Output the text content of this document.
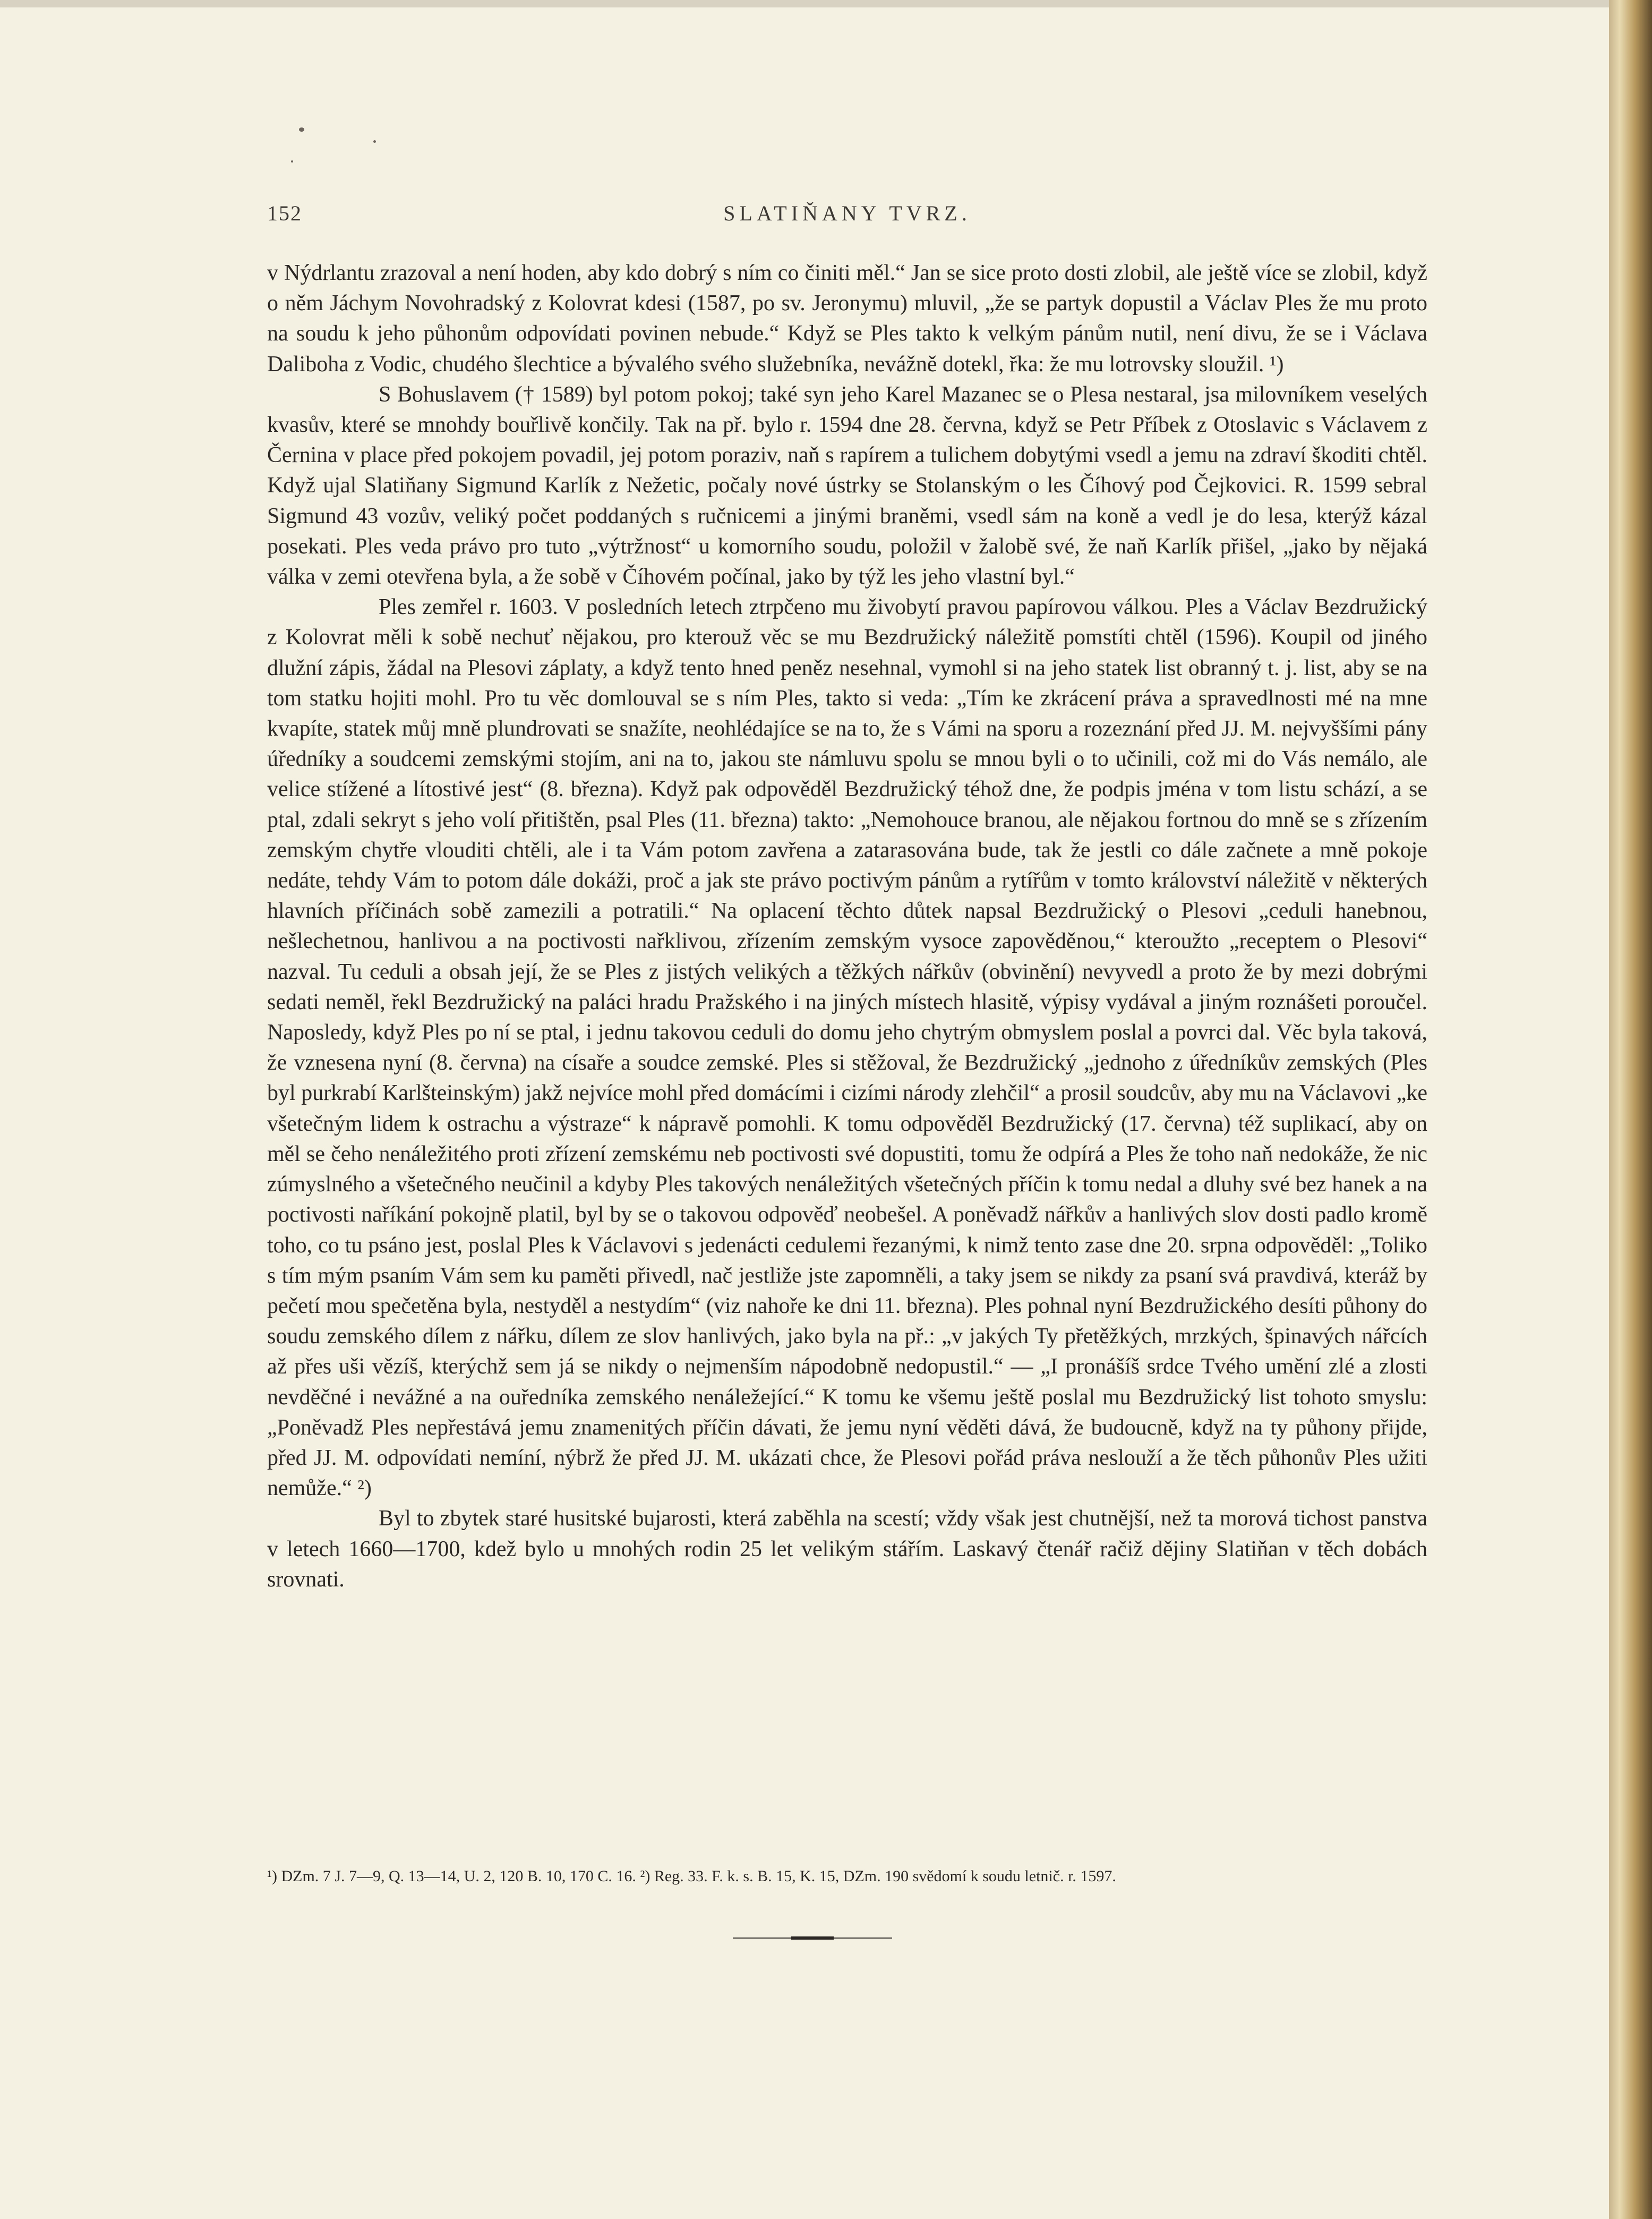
152	SLATIŇANY TVRZ.

v Nýdrlantu zrazoval a není hoden, aby kdo dobrý s ním co činiti měl.“ Jan se sice proto dosti zlobil, ale ještě více se zlobil, když o něm Jáchym Novohradský z Kolovrat kdesi (1587, po sv. Jeronymu) mluvil, „že se partyk dopustil a Václav Ples že mu proto na soudu k jeho půhonům odpovídati povinen nebude.“ Když se Ples takto k velkým pánům nutil, není divu, že se i Václava Daliboha z Vodic, chudého šlechtice a bývalého svého služebníka, nevážně dotekl, řka: že mu lotrovsky sloužil. ¹)

S Bohuslavem († 1589) byl potom pokoj; také syn jeho Karel Mazanec se o Plesa nestaral, jsa milovníkem veselých kvasův, které se mnohdy bouřlivě končily. Tak na př. bylo r. 1594 dne 28. června, když se Petr Příbek z Otoslavic s Václavem z Černina v place před pokojem povadil, jej potom poraziv, naň s rapírem a tulichem dobytými vsedl a jemu na zdraví škoditi chtěl. Když ujal Slatiňany Sigmund Karlík z Nežetic, počaly nové ústrky se Stolanským o les Číhový pod Čejkovici. R. 1599 sebral Sigmund 43 vozův, veliký počet poddaných s ručnicemi a jinými braněmi, vsedl sám na koně a vedl je do lesa, kterýž kázal posekati. Ples veda právo pro tuto „výtržnost“ u komorního soudu, položil v žalobě své, že naň Karlík přišel, „jako by nějaká válka v zemi otevřena byla, a že sobě v Číhovém počínal, jako by týž les jeho vlastní byl.“

Ples zemřel r. 1603. V posledních letech ztrpčeno mu živobytí pravou papírovou válkou. Ples a Václav Bezdružický z Kolovrat měli k sobě nechuť nějakou, pro kterouž věc se mu Bezdružický náležitě pomstíti chtěl (1596). Koupil od jiného dlužní zápis, žádal na Plesovi záplaty, a když tento hned peněz nesehnal, vymohl si na jeho statek list obranný t. j. list, aby se na tom statku hojiti mohl. Pro tu věc domlouval se s ním Ples, takto si veda: „Tím ke zkrácení práva a spravedlnosti mé na mne kvapíte, statek můj mně plundrovati se snažíte, neohlédajíce se na to, že s Vámi na sporu a rozeznání před JJ. M. nejvyššími pány úředníky a soudcemi zemskými stojím, ani na to, jakou ste námluvu spolu se mnou byli o to učinili, což mi do Vás nemálo, ale velice stížené a lítostivé jest“ (8. března). Když pak odpověděl Bezdružický téhož dne, že podpis jména v tom listu schází, a se ptal, zdali sekryt s jeho volí přitištěn, psal Ples (11. března) takto: „Nemohouce branou, ale nějakou fortnou do mně se s zřízením zemským chytře vlouditi chtěli, ale i ta Vám potom zavřena a zatarasována bude, tak že jestli co dále začnete a mně pokoje nedáte, tehdy Vám to potom dále dokáži, proč a jak ste právo poctivým pánům a rytířům v tomto království náležitě v některých hlavních příčinách sobě zamezili a potratili.“ Na oplacení těchto důtek napsal Bezdružický o Plesovi „ceduli hanebnou, nešlechetnou, hanlivou a na poctivosti nařklivou, zřízením zemským vysoce zapověděnou,“ kteroužto „receptem o Plesovi“ nazval. Tu ceduli a obsah její, že se Ples z jistých velikých a těžkých nářkův (obvinění) nevyvedl a proto že by mezi dobrými sedati neměl, řekl Bezdružický na paláci hradu Pražského i na jiných místech hlasitě, výpisy vydával a jiným roznášeti poroučel. Naposledy, když Ples po ní se ptal, i jednu takovou ceduli do domu jeho chytrým obmyslem poslal a povrci dal. Věc byla taková, že vznesena nyní (8. června) na císaře a soudce zemské. Ples si stěžoval, že Bezdružický „jednoho z úředníkův zemských (Ples byl purkrabí Karlšteinským) jakž nejvíce mohl před domácími i cizími národy zlehčil“ a prosil soudcův, aby mu na Václavovi „ke všetečným lidem k ostrachu a výstraze“ k nápravě pomohli. K tomu odpověděl Bezdružický (17. června) též suplikací, aby on měl se čeho nenáležitého proti zřízení zemskému neb poctivosti své dopustiti, tomu že odpírá a Ples že toho naň nedokáže, že nic zúmyslného a všetečného neučinil a kdyby Ples takových nenáležitých všetečných příčin k tomu nedal a dluhy své bez hanek a na poctivosti naříkání pokojně platil, byl by se o takovou odpověď neobešel. A poněvadž nářkův a hanlivých slov dosti padlo kromě toho, co tu psáno jest, poslal Ples k Václavovi s jedenácti cedulemi řezanými, k nimž tento zase dne 20. srpna odpověděl: „Toliko s tím mým psaním Vám sem ku paměti přivedl, nač jestliže jste zapomněli, a taky jsem se nikdy za psaní svá pravdivá, kteráž by pečetí mou spečetěna byla, nestyděl a nestydím“ (viz nahoře ke dni 11. března). Ples pohnal nyní Bezdružického desíti půhony do soudu zemského dílem z nářku, dílem ze slov hanlivých, jako byla na př.: „v jakých Ty přetěžkých, mrzkých, špinavých nářcích až přes uši vězíš, kterýchž sem já se nikdy o nejmenším nápodobně nedopustil.“ — „I pronášíš srdce Tvého umění zlé a zlosti nevděčné i nevážné a na ouředníka zemského nenáležející.“ K tomu ke všemu ještě poslal mu Bezdružický list tohoto smyslu: „Poněvadž Ples nepřestává jemu znamenitých příčin dávati, že jemu nyní věděti dává, že budoucně, když na ty půhony přijde, před JJ. M. odpovídati nemíní, nýbrž že před JJ. M. ukázati chce, že Plesovi pořád práva neslouží a že těch půhonův Ples užiti nemůže.“ ²)

Byl to zbytek staré husitské bujarosti, která zaběhla na scestí; vždy však jest chutnější, než ta morová tichost panstva v letech 1660—1700, kdež bylo u mnohých rodin 25 let velikým stářím. Laskavý čtenář račiž dějiny Slatiňan v těch dobách srovnati.

¹) DZm. 7 J. 7—9, Q. 13—14, U. 2, 120 B. 10, 170 C. 16. ²) Reg. 33. F. k. s. B. 15, K. 15, DZm. 190 svědomí k soudu letnič. r. 1597.
